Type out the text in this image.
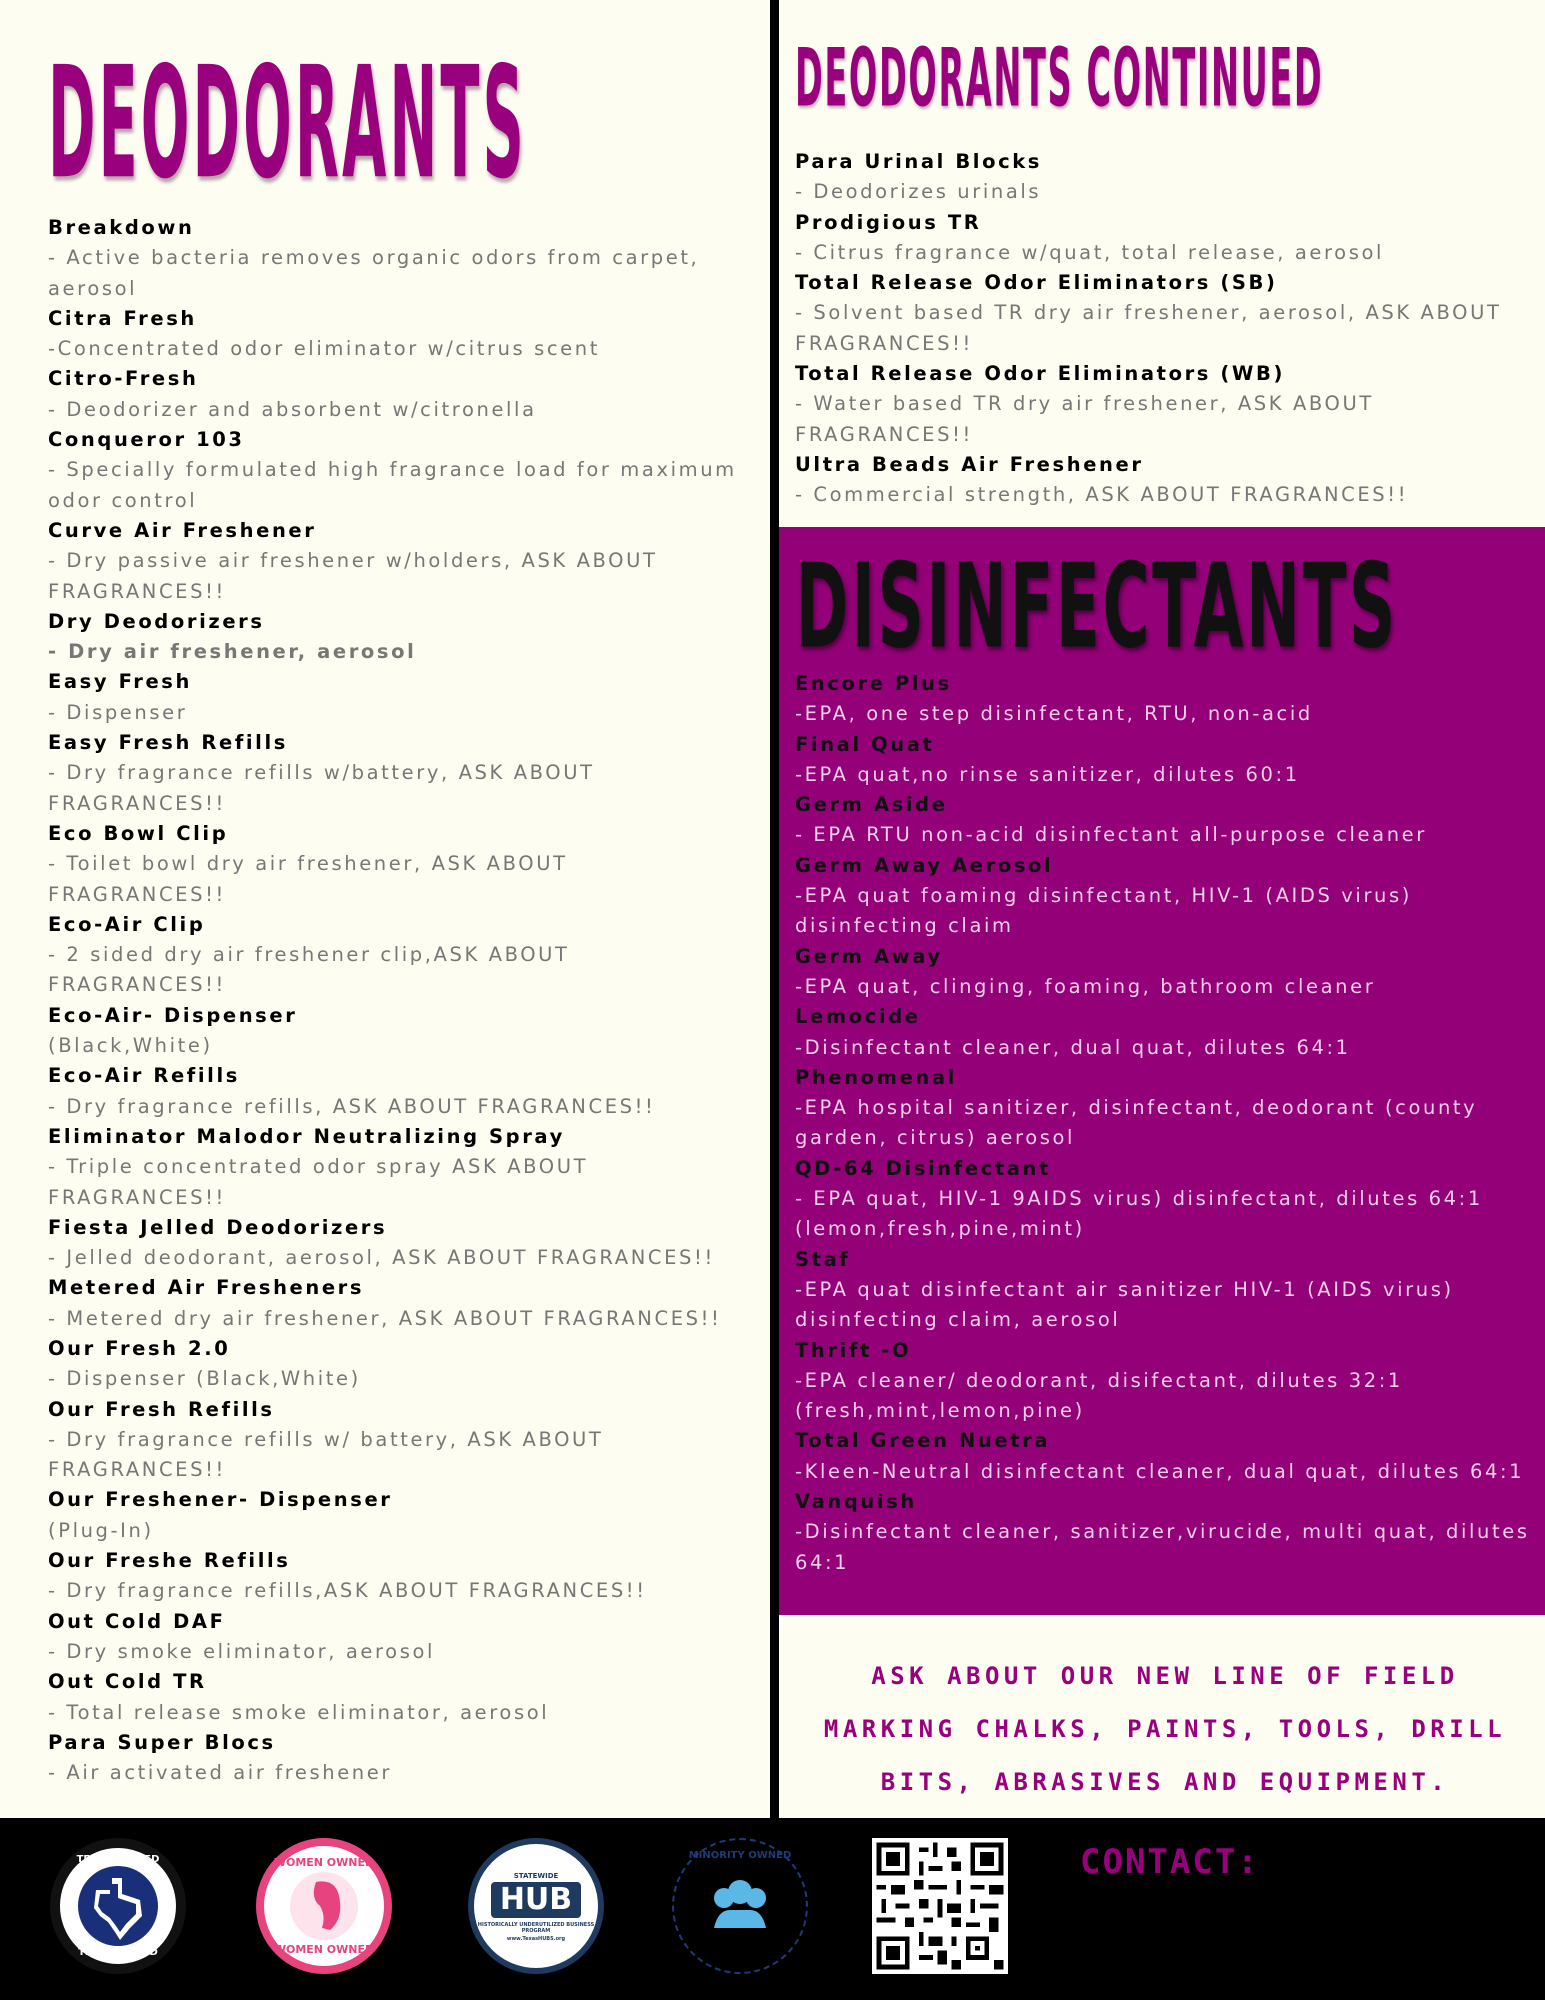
DEODORANTS	DEODORANTS CONTINUED
DISINFECTANTS
Breakdown
- Active bacteria removes organic odors from carpet, aerosol
Citra Fresh
-Concentrated odor eliminator w/citrus scent
Citro-Fresh
- Deodorizer and absorbent w/citronella
Conqueror 103
- Specially formulated high fragrance load for maximum odor control
Curve Air Freshener
- Dry passive air freshener w/holders, ASK ABOUT FRAGRANCES!!
Dry Deodorizers
- Dry air freshener, aerosol
Easy Fresh
- Dispenser
Easy Fresh Refills
- Dry fragrance refills w/battery, ASK ABOUT FRAGRANCES!!
Eco Bowl Clip
- Toilet bowl dry air freshener, ASK ABOUT FRAGRANCES!!
Eco-Air Clip
- 2 sided dry air freshener clip,ASK ABOUT FRAGRANCES!!
Eco-Air- Dispenser
(Black,White)
Eco-Air Refills
- Dry fragrance refills, ASK ABOUT FRAGRANCES!!
Eliminator Malodor Neutralizing Spray
- Triple concentrated odor spray ASK ABOUT FRAGRANCES!!
Fiesta Jelled Deodorizers
- Jelled deodorant, aerosol, ASK ABOUT FRAGRANCES!!
Metered Air Fresheners
- Metered dry air freshener, ASK ABOUT FRAGRANCES!!
Our Fresh 2.0
- Dispenser (Black,White)
Our Fresh Refills
- Dry fragrance refills w/ battery, ASK ABOUT FRAGRANCES!!
Our Freshener- Dispenser
(Plug-In)
Our Freshe Refills
- Dry fragrance refills,ASK ABOUT FRAGRANCES!!
Out Cold DAF
- Dry smoke eliminator, aerosol
Out Cold TR
- Total release smoke eliminator, aerosol
Para Super Blocs
- Air activated air freshener
Para Urinal Blocks
- Deodorizes urinals
Prodigious TR
- Citrus fragrance w/quat, total release, aerosol
Total Release Odor Eliminators (SB)
- Solvent based TR dry air freshener, aerosol, ASK ABOUT FRAGRANCES!!
Total Release Odor Eliminators (WB)
- Water based TR dry air freshener, ASK ABOUT FRAGRANCES!!
Ultra Beads Air Freshener
- Commercial strength, ASK ABOUT FRAGRANCES!!
Encore Plus
-EPA, one step disinfectant, RTU, non-acid
Final Quat
-EPA quat,no rinse sanitizer, dilutes 60:1
Germ Aside
- EPA RTU non-acid disinfectant all-purpose cleaner
Germ Away Aerosol
-EPA quat foaming disinfectant, HIV-1 (AIDS virus) disinfecting claim
Germ Away
-EPA quat, clinging, foaming, bathroom cleaner
Lemocide
-Disinfectant cleaner, dual quat, dilutes 64:1
Phenomenal
-EPA hospital sanitizer, disinfectant, deodorant (county garden, citrus) aerosol
QD-64 Disinfectant
- EPA quat, HIV-1 9AIDS virus) disinfectant, dilutes 64:1 (lemon,fresh,pine,mint)
Staf
-EPA quat disinfectant air sanitizer HIV-1 (AIDS virus) disinfecting claim, aerosol
Thrift -O
-EPA cleaner/ deodorant, disifectant, dilutes 32:1 (fresh,mint,lemon,pine)
Total Green Nuetra
-Kleen-Neutral disinfectant cleaner, dual quat, dilutes 64:1
Vanquish
-Disinfectant cleaner, sanitizer,virucide, multi quat, dilutes 64:1
ASK ABOUT OUR NEW LINE OF FIELD MARKING CHALKS, PAINTS, TOOLS, DRILL BITS, ABRASIVES AND EQUIPMENT.
TEXAS OWNED
TEXAS PROUD
WOMEN OWNED
WOMEN OWNED
STATEWIDE
HUB
HISTORICALLY UNDERUTILIZED BUSINESS PROGRAM
www.TexasHUBS.org
MINORITY OWNED	CONTACT:
